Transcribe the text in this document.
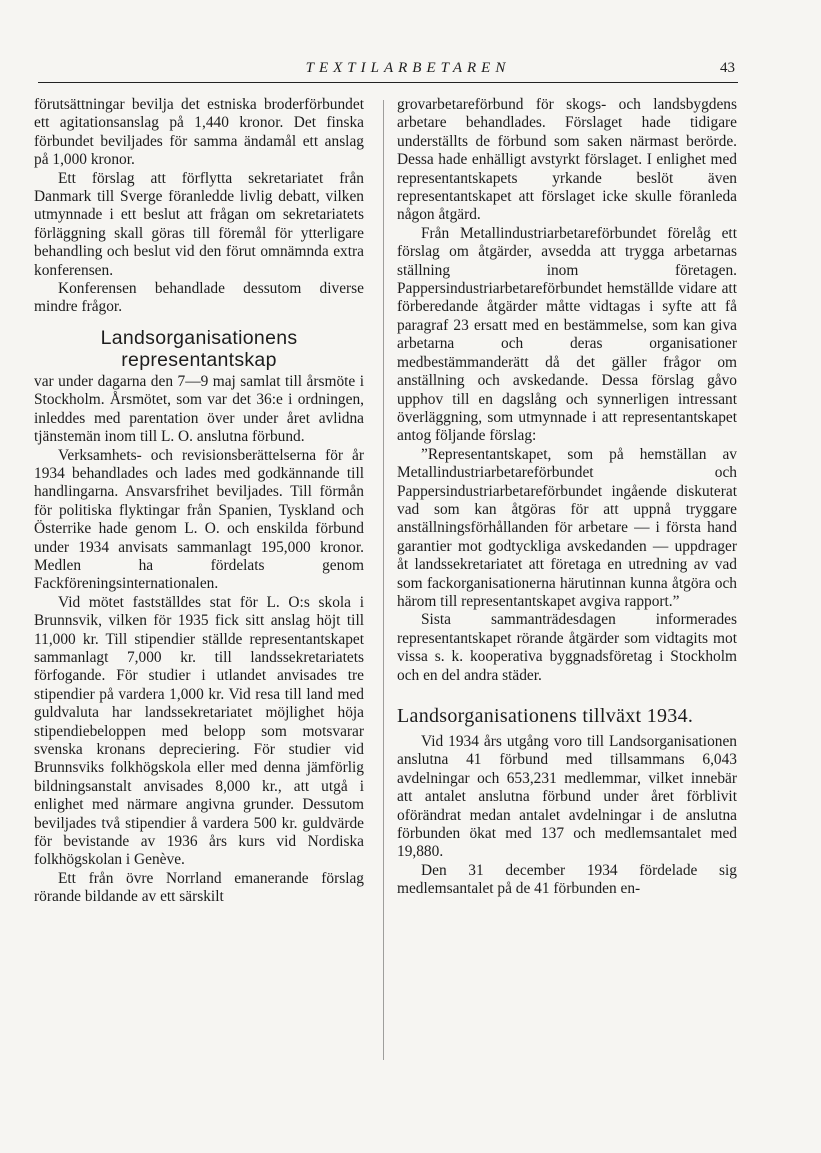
TEXTILARBETAREN	43

förutsättningar bevilja det estniska broderförbundet ett agitationsanslag på 1,440 kronor. Det finska förbundet beviljades för samma ändamål ett anslag på 1,000 kronor.

Ett förslag att förflytta sekretariatet från Danmark till Sverge föranledde livlig debatt, vilken utmynnade i ett beslut att frågan om sekretariatets förläggning skall göras till föremål för ytterligare behandling och beslut vid den förut omnämnda extra konferensen.

Konferensen behandlade dessutom diverse mindre frågor.

Landsorganisationens representantskap

var under dagarna den 7—9 maj samlat till årsmöte i Stockholm. Årsmötet, som var det 36:e i ordningen, inleddes med parentation över under året avlidna tjänstemän inom till L. O. anslutna förbund.

Verksamhets- och revisionsberättelserna för år 1934 behandlades och lades med godkännande till handlingarna. Ansvarsfrihet beviljades. Till förmån för politiska flyktingar från Spanien, Tyskland och Österrike hade genom L. O. och enskilda förbund under 1934 anvisats sammanlagt 195,000 kronor. Medlen ha fördelats genom Fackföreningsinternationalen.

Vid mötet fastställdes stat för L. O:s skola i Brunnsvik, vilken för 1935 fick sitt anslag höjt till 11,000 kr. Till stipendier ställde representantskapet sammanlagt 7,000 kr. till landssekretariatets förfogande. För studier i utlandet anvisades tre stipendier på vardera 1,000 kr. Vid resa till land med guldvaluta har landssekretariatet möjlighet höja stipendiebeloppen med belopp som motsvarar svenska kronans depreciering. För studier vid Brunnsviks folkhögskola eller med denna jämförlig bildningsanstalt anvisades 8,000 kr., att utgå i enlighet med närmare angivna grunder. Dessutom beviljades två stipendier å vardera 500 kr. guldvärde för bevistande av 1936 års kurs vid Nordiska folkhögskolan i Genève.

Ett från övre Norrland emanerande förslag rörande bildande av ett särskilt

grovarbetareförbund för skogs- och landsbygdens arbetare behandlades. Förslaget hade tidigare underställts de förbund som saken närmast berörde. Dessa hade enhälligt avstyrkt förslaget. I enlighet med representantskapets yrkande beslöt även representantskapet att förslaget icke skulle föranleda någon åtgärd.

Från Metallindustriarbetareförbundet förelåg ett förslag om åtgärder, avsedda att trygga arbetarnas ställning inom företagen. Pappersindustriarbetareförbundet hemställde vidare att förberedande åtgärder måtte vidtagas i syfte att få paragraf 23 ersatt med en bestämmelse, som kan giva arbetarna och deras organisationer medbestämmanderätt då det gäller frågor om anställning och avskedande. Dessa förslag gåvo upphov till en dagslång och synnerligen intressant överläggning, som utmynnade i att representantskapet antog följande förslag:

”Representantskapet, som på hemställan av Metallindustriarbetareförbundet och Pappersindustriarbetareförbundet ingående diskuterat vad som kan åtgöras för att uppnå tryggare anställningsförhållanden för arbetare — i första hand garantier mot godtyckliga avskedanden — uppdrager åt landssekretariatet att företaga en utredning av vad som fackorganisationerna härutinnan kunna åtgöra och härom till representantskapet avgiva rapport.”

Sista sammanträdesdagen informerades representantskapet rörande åtgärder som vidtagits mot vissa s. k. kooperativa byggnadsföretag i Stockholm och en del andra städer.

Landsorganisationens tillväxt 1934.

Vid 1934 års utgång voro till Landsorganisationen anslutna 41 förbund med tillsammans 6,043 avdelningar och 653,231 medlemmar, vilket innebär att antalet anslutna förbund under året förblivit oförändrat medan antalet avdelningar i de anslutna förbunden ökat med 137 och medlemsantalet med 19,880.

Den 31 december 1934 fördelade sig medlemsantalet på de 41 förbunden en-
